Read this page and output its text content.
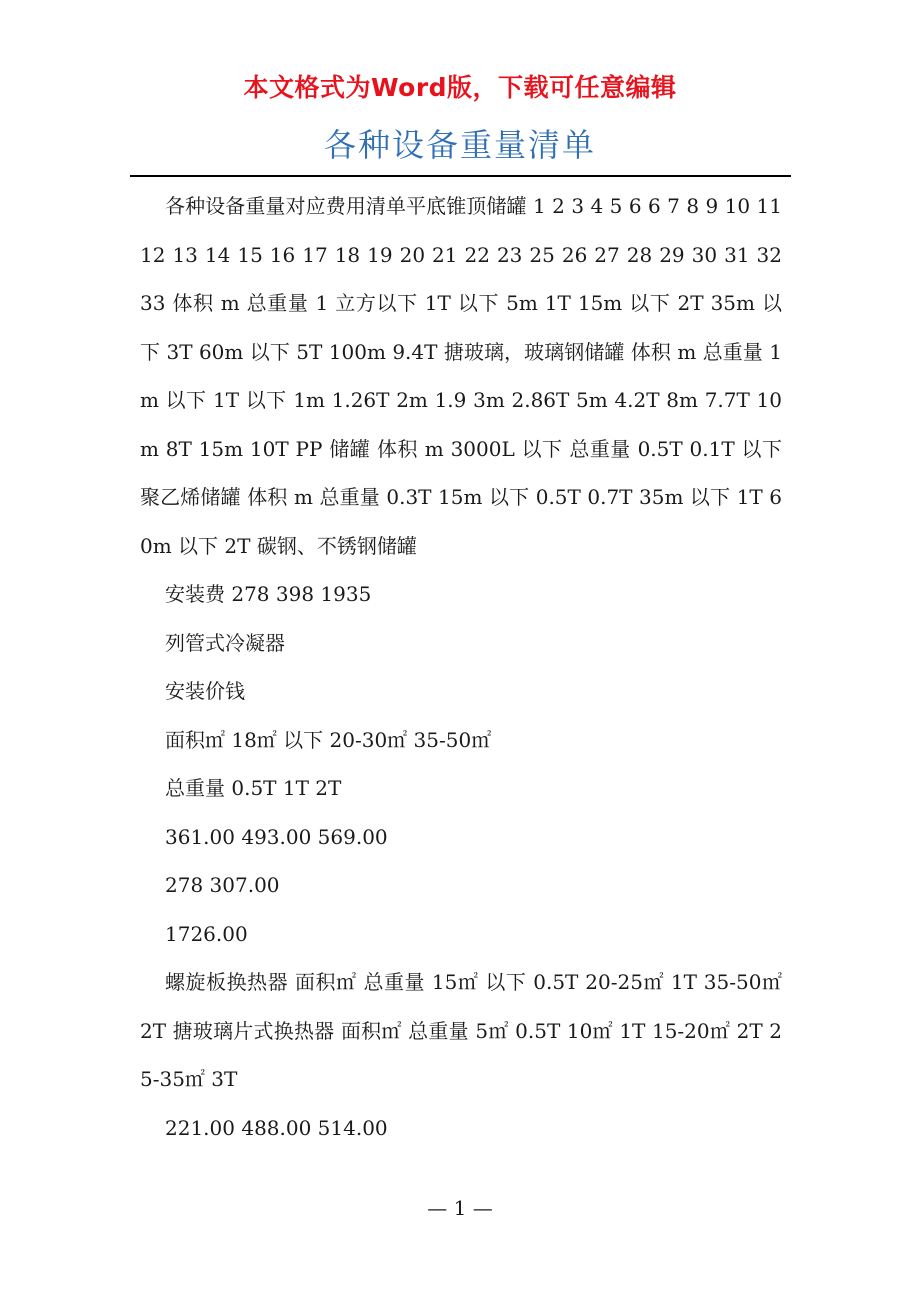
本文格式为Word版，下载可任意编辑
各种设备重量清单

各种设备重量对应费用清单平底锥顶储罐 1 2 3 4 5 6 6 7 8 9 10 11 12 13 14 15 16 17 18 19 20 21 22 23 25 26 27 28 29 30 31 32 33 体积 m 总重量 1 立方以下 1T 以下 5m 1T 15m 以下 2T 35m 以下 3T 60m 以下 5T 100m 9.4T 搪玻璃，玻璃钢储罐 体积 m 总重量 1m 以下 1T 以下 1m 1.26T 2m 1.9 3m 2.86T 5m 4.2T 8m 7.7T 10m 8T 15m 10T PP 储罐 体积 m 3000L 以下 总重量 0.5T 0.1T 以下 聚乙烯储罐 体积 m 总重量 0.3T 15m 以下 0.5T 0.7T 35m 以下 1T 60m 以下 2T 碳钢、不锈钢储罐

安装费 278 398 1935

列管式冷凝器

安装价钱

面积㎡ 18㎡ 以下 20-30㎡ 35-50㎡

总重量 0.5T 1T 2T

361.00 493.00 569.00

278 307.00

1726.00

螺旋板换热器 面积㎡ 总重量 15㎡ 以下 0.5T 20-25㎡ 1T 35-50㎡ 2T 搪玻璃片式换热器 面积㎡ 总重量 5㎡ 0.5T 10㎡ 1T 15-20㎡ 2T 25-35㎡ 3T

221.00 488.00 514.00

— 1 —
